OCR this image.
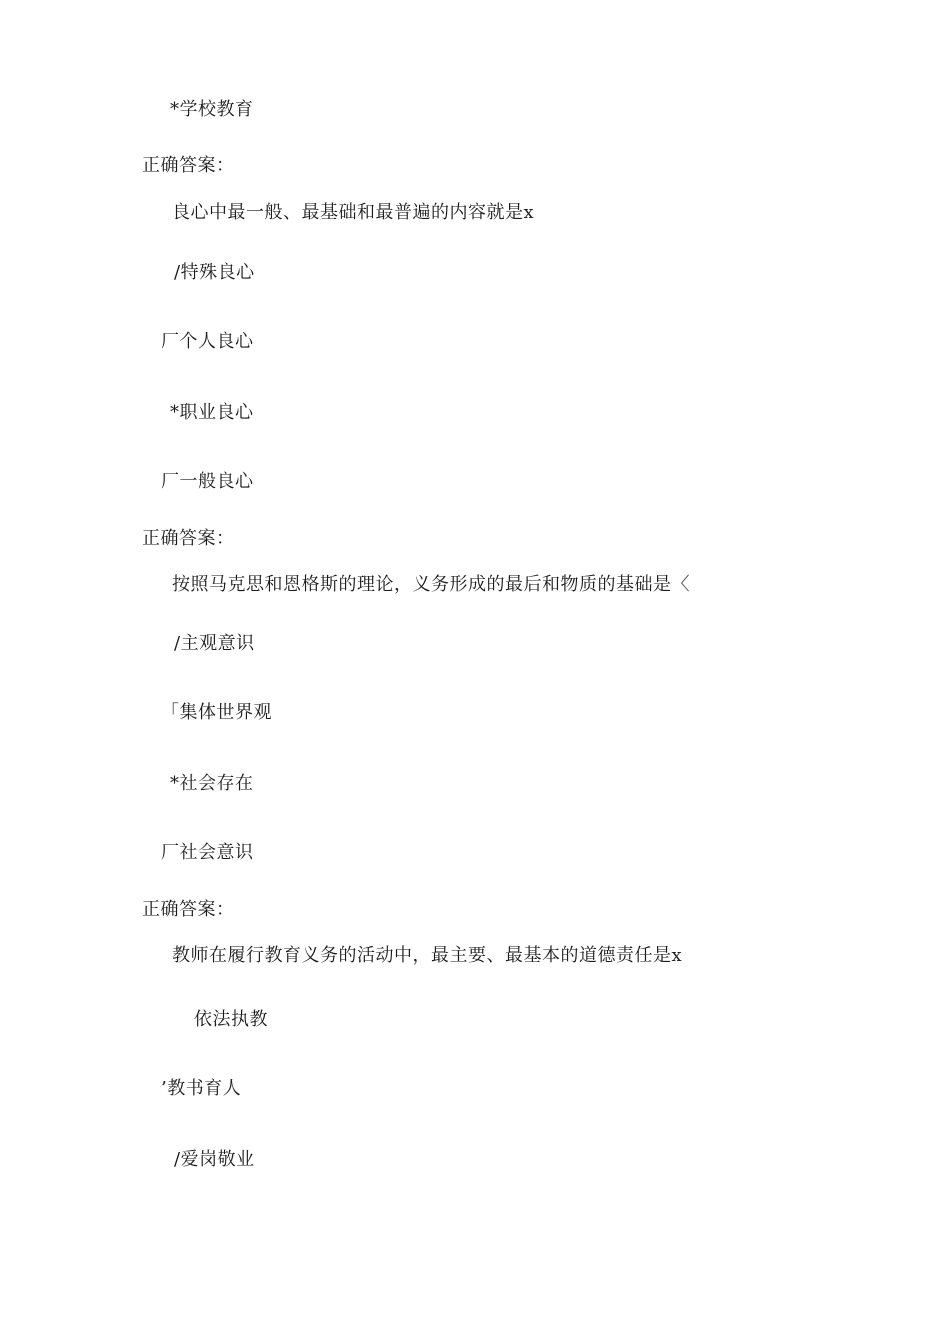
*学校教育
正确答案：
良心中最一般、最基础和最普遍的内容就是x
/特殊良心
厂个人良心
*职业良心
厂一般良心
正确答案：
按照马克思和恩格斯的理论，义务形成的最后和物质的基础是〈
/主观意识
「集体世界观
*社会存在
厂社会意识
正确答案：
教师在履行教育义务的活动中，最主要、最基本的道德责任是x
依法执教
’教书育人
/爱岗敬业
